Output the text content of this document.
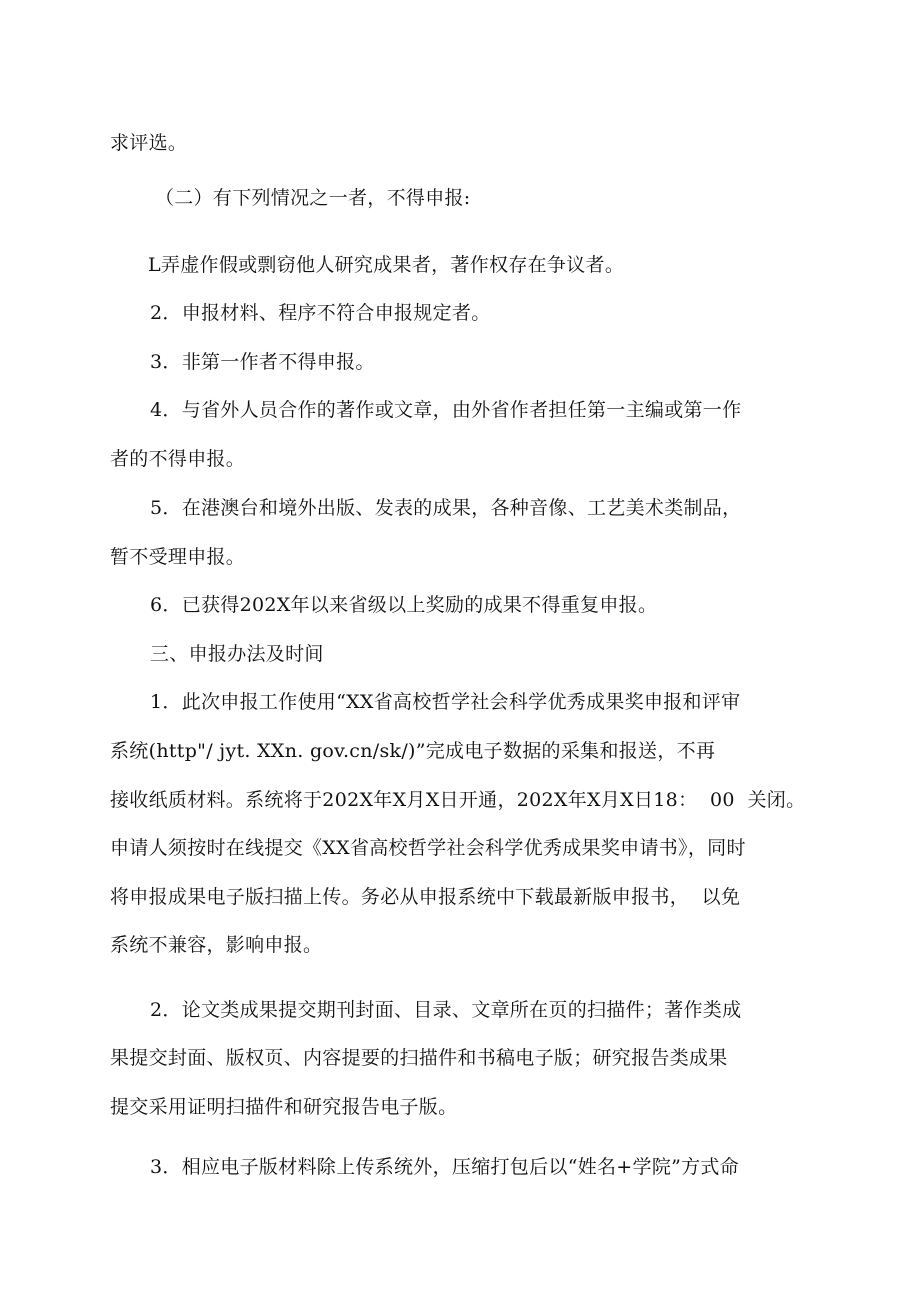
求评选。
（二）有下列情况之一者，不得申报:
L弄虚作假或剽窃他人研究成果者，著作权存在争议者。
2．申报材料、程序不符合申报规定者。
3．非第一作者不得申报。
4．与省外人员合作的著作或文章，由外省作者担任第一主编或第一作
者的不得申报。
5．在港澳台和境外出版、发表的成果，各种音像、工艺美术类制品，
暂不受理申报。
6．已获得202X年以来省级以上奖励的成果不得重复申报。
三、申报办法及时间
1．此次申报工作使用“XX省高校哲学社会科学优秀成果奖申报和评审
系统(http"/ jyt. XXn. gov.cn/sk/)”完成电子数据的采集和报送，不再
接收纸质材料。系统将于202X年X月X日开通，202X年X月X日18：  00  关闭。
申请人须按时在线提交《XX省高校哲学社会科学优秀成果奖申请书》，同时
将申报成果电子版扫描上传。务必从申报系统中下载最新版申报书，  以免
系统不兼容，影响申报。
2．论文类成果提交期刊封面、目录、文章所在页的扫描件；著作类成
果提交封面、版权页、内容提要的扫描件和书稿电子版；研究报告类成果
提交采用证明扫描件和研究报告电子版。
3．相应电子版材料除上传系统外，压缩打包后以“姓名+学院”方式命
